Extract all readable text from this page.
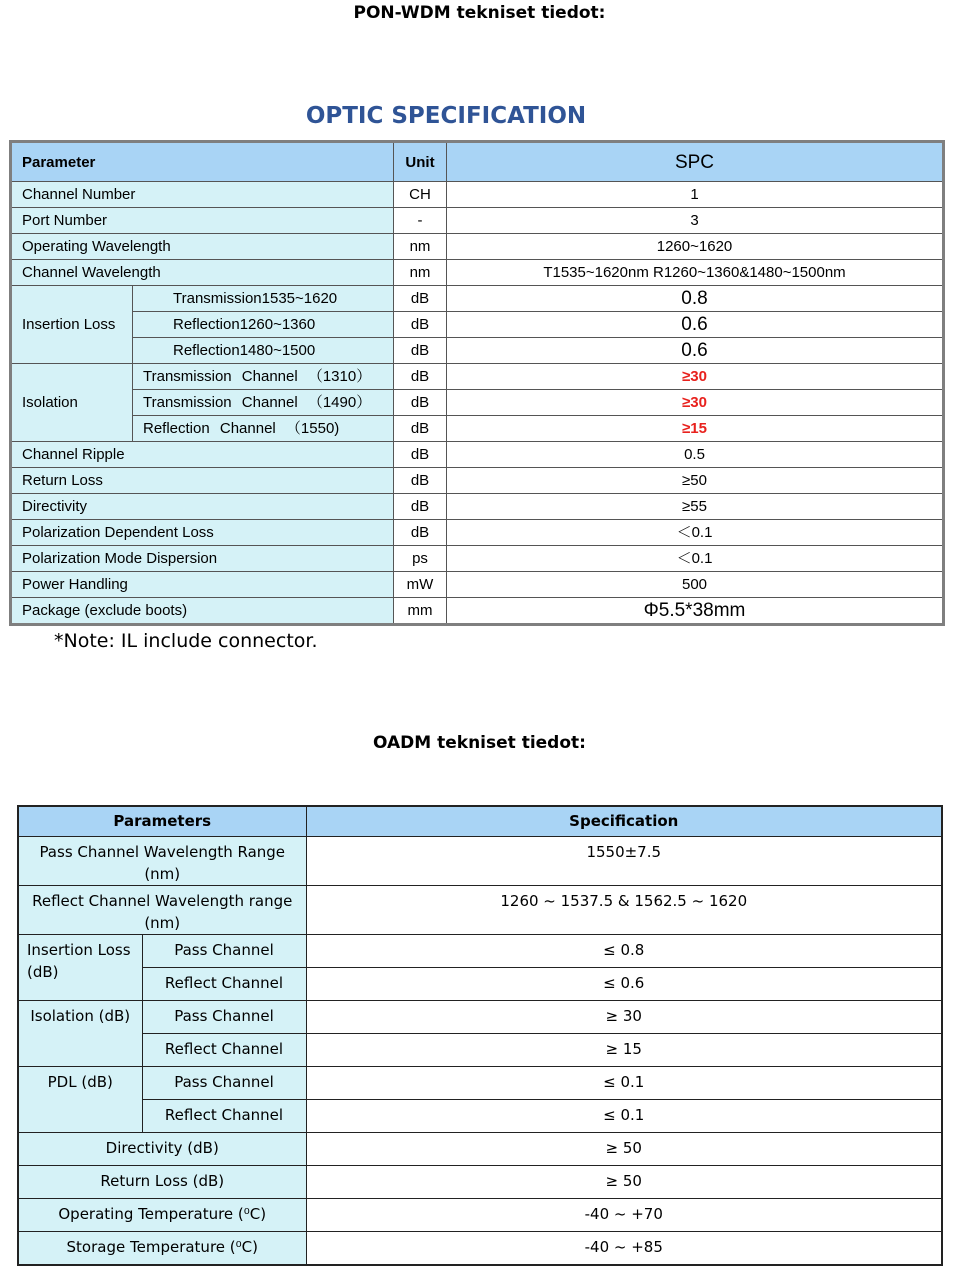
PON-WDM tekniset tiedot:
OPTIC SPECIFICATION
Parameter		Unit	SPC
Channel Number		CH	1
Port Number		-	3
Operating Wavelength		nm	1260~1620
Channel Wavelength		nm	T1535~1620nm R1260~1360&1480~1500nm
Insertion Loss	Transmission1535~1620	dB	0.8
	Reflection1260~1360	dB	0.6
	Reflection1480~1500	dB	0.6
Isolation	Transmission Channel （1310）	dB	≥30
	Transmission Channel （1490）	dB	≥30
	Reflection Channel （1550)	dB	≥15
Channel Ripple		dB	0.5
Return Loss		dB	≥50
Directivity		dB	≥55
Polarization Dependent Loss		dB	＜0.1
Polarization Mode Dispersion		ps	＜0.1
Power Handling		mW	500
Package (exclude boots)		mm	Φ5.5*38mm
*Note: IL include connector.
OADM tekniset tiedot:
Parameters		Specification
Pass Channel Wavelength Range (nm)		1550±7.5
Reflect Channel Wavelength range (nm)		1260 ~ 1537.5 & 1562.5 ~ 1620
Insertion Loss (dB)	Pass Channel	≤ 0.8
	Reflect Channel	≤ 0.6
Isolation (dB)	Pass Channel	≥ 30
	Reflect Channel	≥ 15
PDL (dB)	Pass Channel	≤ 0.1
	Reflect Channel	≤ 0.1
Directivity (dB)		≥ 50
Return Loss (dB)		≥ 50
Operating Temperature (⁰C)		-40 ~ +70
Storage Temperature (⁰C)		-40 ~ +85
